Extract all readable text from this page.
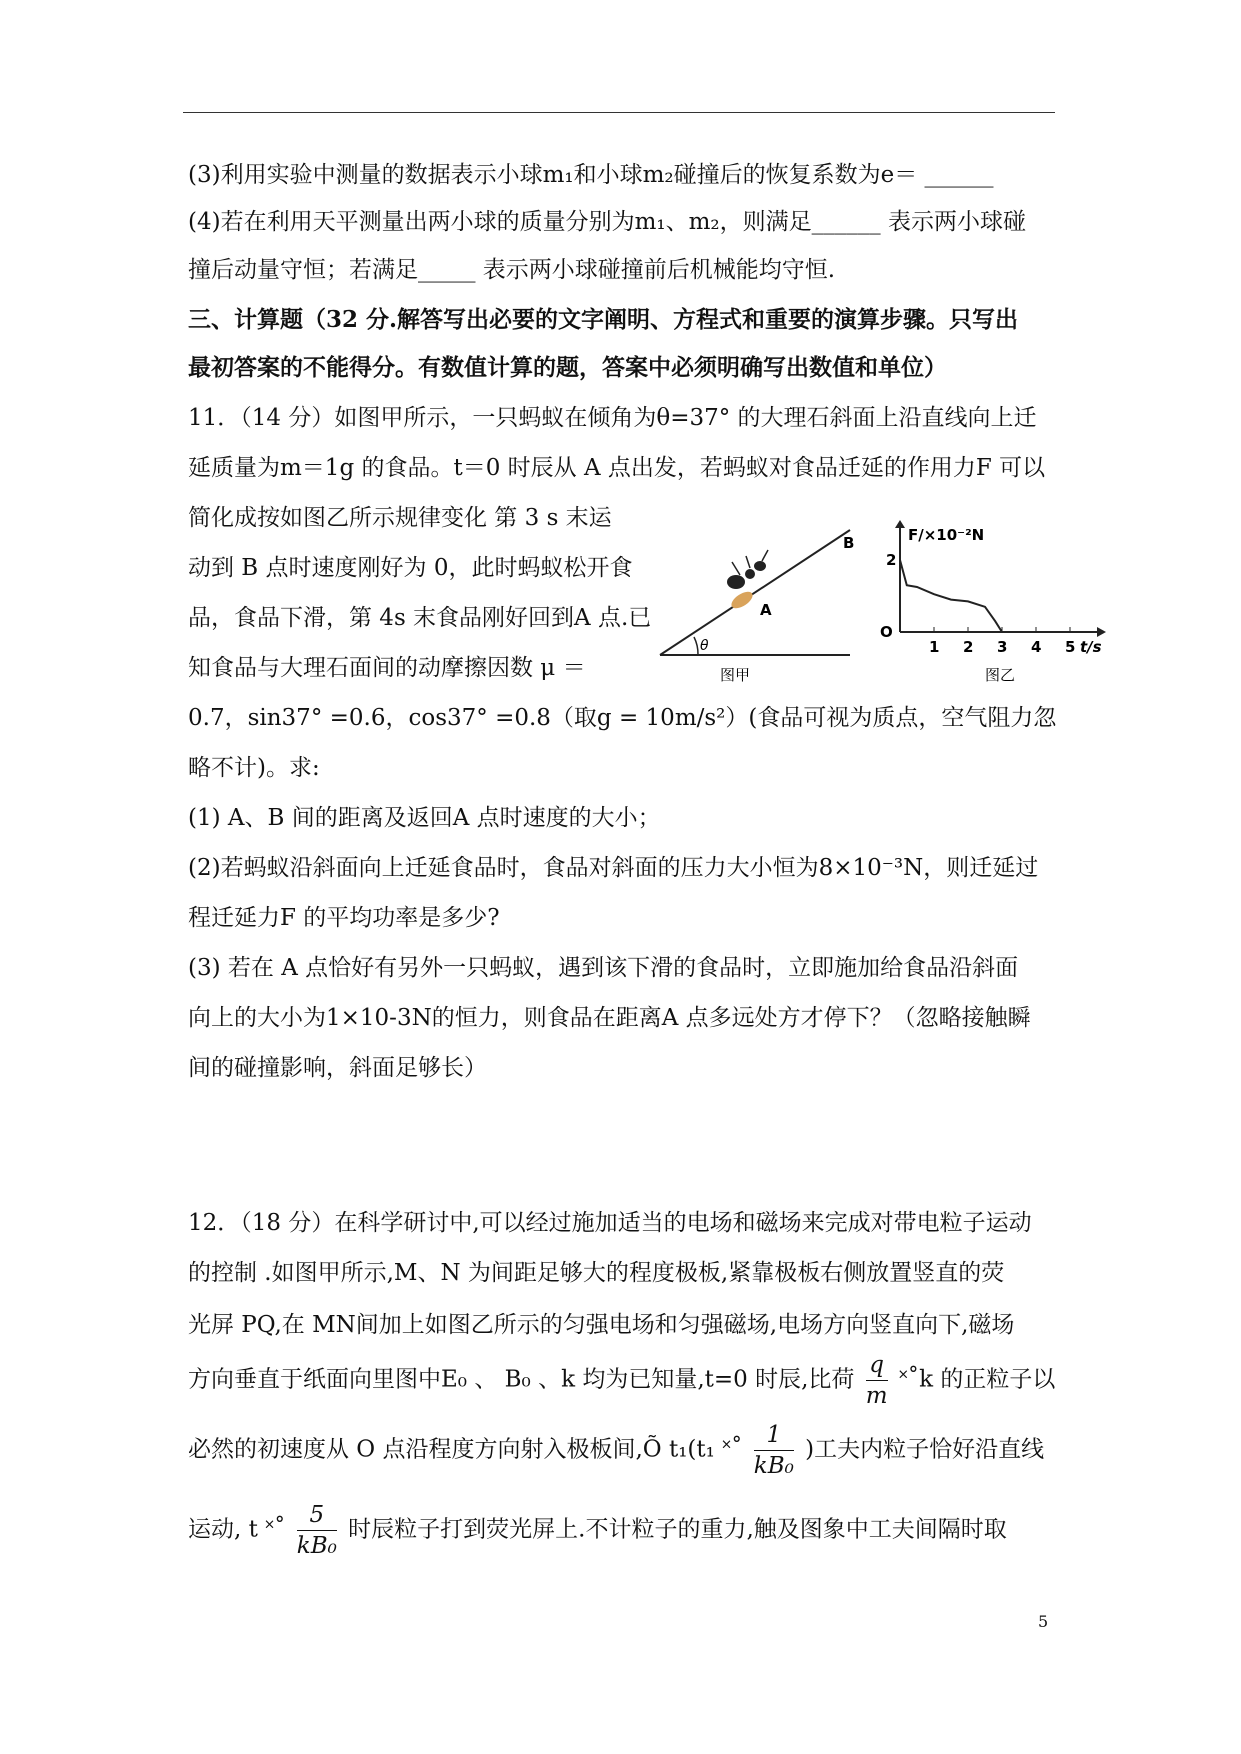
(3)利用实验中测量的数据表示小球m₁和小球m₂碰撞后的恢复系数为e＝ ______
(4)若在利用天平测量出两小球的质量分别为m₁、m₂，则满足______ 表示两小球碰
撞后动量守恒；若满足_____ 表示两小球碰撞前后机械能均守恒.
三、计算题（32 分.解答写出必要的文字阐明、方程式和重要的演算步骤。只写出
最初答案的不能得分。有数值计算的题，答案中必须明确写出数值和单位）
11．（14 分）如图甲所示，一只蚂蚁在倾角为θ=37° 的大理石斜面上沿直线向上迁
延质量为m＝1g 的食品。t＝0 时辰从 A 点出发，若蚂蚁对食品迁延的作用力F 可以
简化成按如图乙所示规律变化 第 3 s 末运
动到 B 点时速度刚好为 0，此时蚂蚁松开食
品，食品下滑，第 4s 末食品刚好回到A 点.已
知食品与大理石面间的动摩擦因数 μ ＝
0.7，sin37° =0.6，cos37° =0.8（取g = 10m/s²）(食品可视为质点，空气阻力忽
略不计)。求:
(1) A、B 间的距离及返回A 点时速度的大小；
(2)若蚂蚁沿斜面向上迁延食品时，食品对斜面的压力大小恒为8×10⁻³N，则迁延过
程迁延力F 的平均功率是多少?
(3) 若在 A 点恰好有另外一只蚂蚁，遇到该下滑的食品时，立即施加给食品沿斜面
向上的大小为1×10-3N的恒力，则食品在距离A 点多远处方才停下？（忽略接触瞬
间的碰撞影响，斜面足够长）
θ
A
B
图甲
F/×10⁻²N
2
O
t/s
1 2 3 4 5
图乙
12．（18 分）在科学研讨中,可以经过施加适当的电场和磁场来完成对带电粒子运动
的控制 .如图甲所示,M、N 为间距足够大的程度极板,紧靠极板右侧放置竖直的荧
光屏 PQ,在 MN间加上如图乙所示的匀强电场和匀强磁场,电场方向竖直向下,磁场
方向垂直于纸面向里图中E₀ 、 B₀ 、k 均为已知量,t=0 时辰,比荷 $\frac{q}{m}$ ˟˚k 的正粒子以
必然的初速度从 O 点沿程度方向射入极板间,Õ t₁(t₁ ˟˚ $\frac{1}{\text{kB₀}}$ )工夫内粒子恰好沿直线
运动, t ˟˚ $\frac{5}{\text{kB₀}}$ 时辰粒子打到荧光屏上.不计粒子的重力,触及图象中工夫间隔时取
5
